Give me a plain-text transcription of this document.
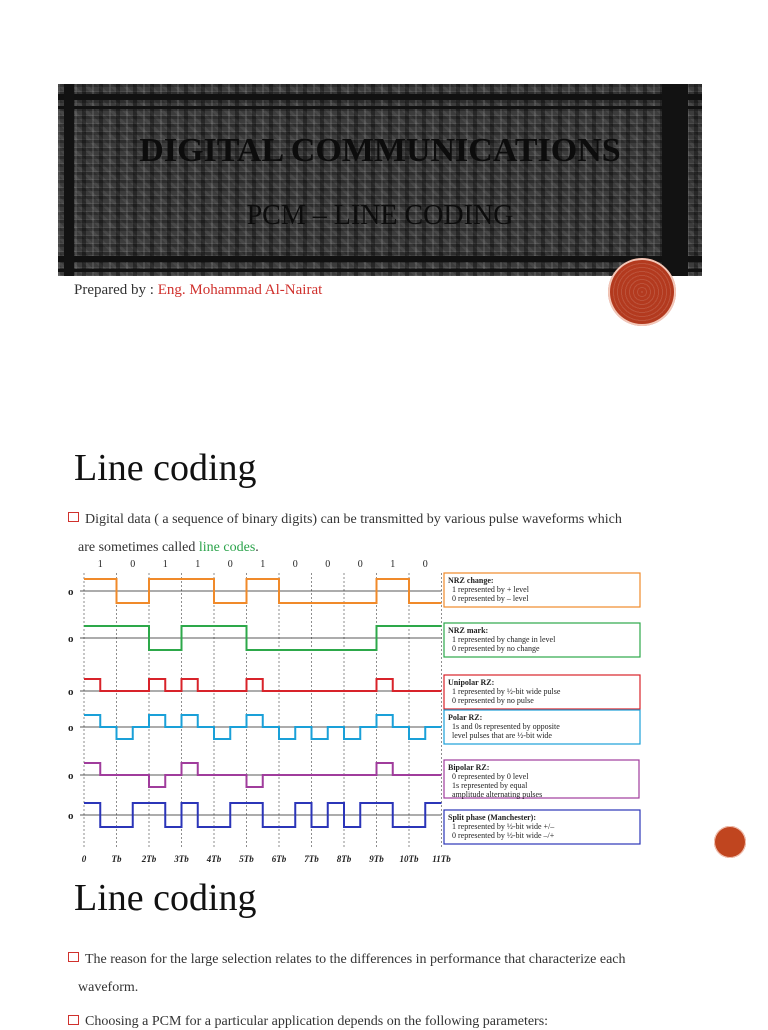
DIGITAL COMMUNICATIONS
PCM – LINE CODING
Prepared by : Eng. Mohammad Al-Nairat
Line coding
Digital data ( a sequence of binary digits) can be transmitted by various pulse waveforms which
are sometimes called line codes.
1	0	1	1	0	1	0	0	0	1	0
0	Tb 2Tb 3Tb 4Tb 5Tb 6Tb 7Tb 8Tb 9Tb 10Tb 11Tb
o
NRZ change:
1 represented by + level
0 represented by – level
o
NRZ mark:
1 represented by change in level
0 represented by no change
o
Unipolar RZ:
1 represented by ½-bit wide pulse
0 represented by no pulse
o
Polar RZ:
1s and 0s represented by opposite
level pulses that are ½-bit wide
o
Bipolar RZ:
0 represented by 0 level
1s represented by equal
amplitude alternating pulses
o	Split phase (Manchester):
1 represented by ½-bit wide +/–
0 represented by ½-bit wide –/+
Line coding
The reason for the large selection relates to the differences in performance that characterize each
waveform.
Choosing a PCM for a particular application depends on the following parameters:
